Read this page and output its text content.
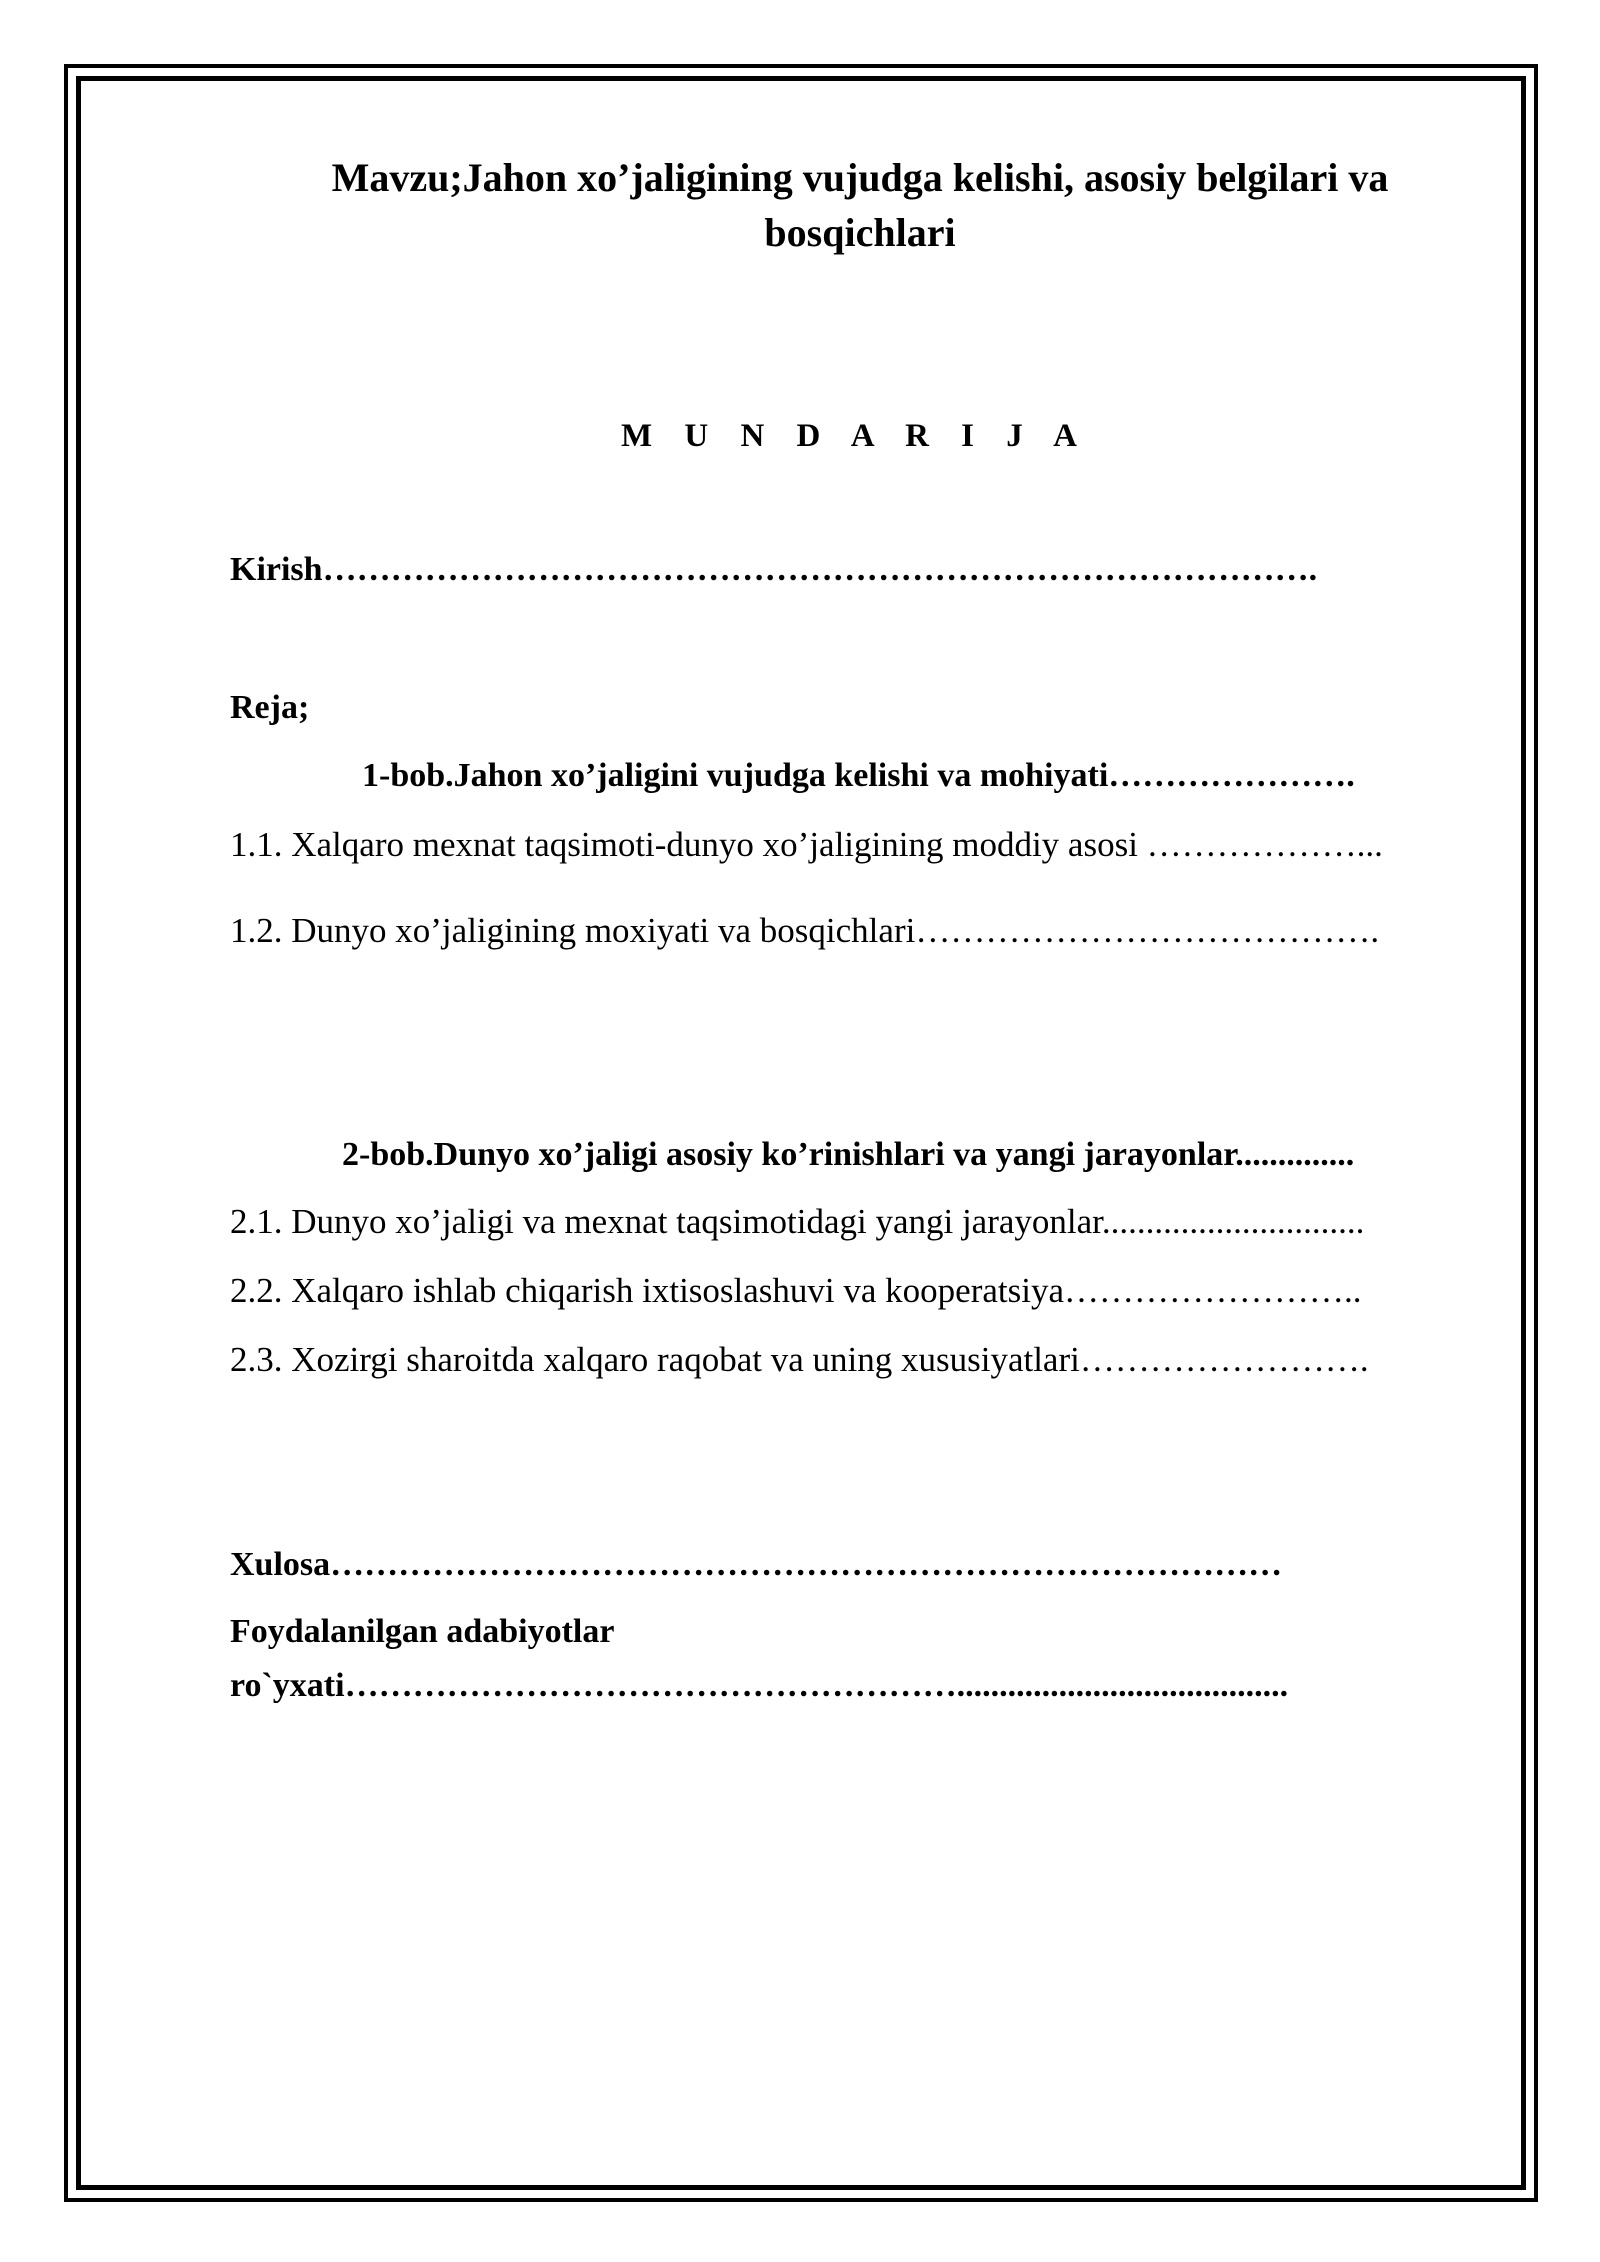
Mavzu;Jahon xo’jaligining vujudga kelishi, asosiy belgilari va
bosqichlari
M U N D A R I J A
Kirish…………………………………………………………………………….
Reja;
1-bob.Jahon xo’jaligini vujudga kelishi va mohiyati………………….
1.1. Xalqaro mexnat taqsimoti-dunyo xo’jaligining moddiy asosi ………………...
1.2. Dunyo xo’jaligining moxiyati va bosqichlari………………………………….
2-bob.Dunyo xo’jaligi asosiy ko’rinishlari va yangi jarayonlar..............
2.1. Dunyo xo’jaligi va mexnat taqsimotidagi yangi jarayonlar..............................
2.2. Xalqaro ishlab chiqarish ixtisoslashuvi va kooperatsiya……………………..
2.3. Xozirgi sharoitda xalqaro raqobat va uning xususiyatlari…………………….
Xulosa…………………………………………………………………………
Foydalanilgan adabiyotlar
ro`yxati……………………………………………….......................................
